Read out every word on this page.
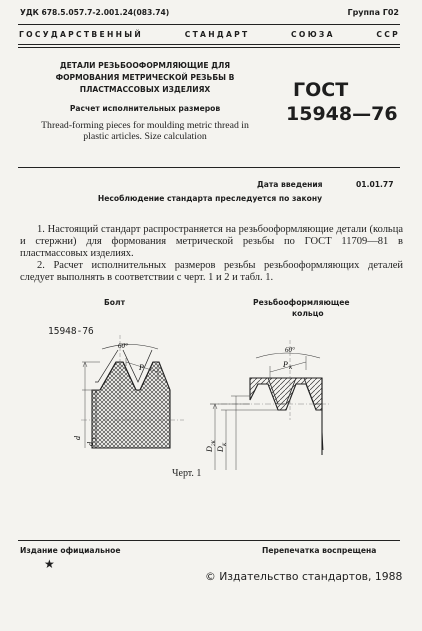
УДК 678.5.057.7-2.001.24(083.74)	Группа Г02
ГОСУДАРСТВЕННЫЙ СТАНДАРТ СОЮЗА ССР
ДЕТАЛИ РЕЗЬБООФОРМЛЯЮЩИЕ ДЛЯ ФОРМОВАНИЯ МЕТРИЧЕСКОЙ РЕЗЬБЫ В ПЛАСТМАССОВЫХ ИЗДЕЛИЯХ
Расчет исполнительных размеров
Thread-forming pieces for moulding metric thread in plastic articles. Size calculation
ГОСТ
15948—76
Дата введения	01.01.77
Несоблюдение стандарта преследуется по закону
1. Настоящий стандарт распространяется на резьбооформляющие детали (кольца и стержни) для формования метрической резьбы по ГОСТ 11709—81 в пластмассовых изделиях.
2. Расчет исполнительных размеров резьбы резьбооформляющих деталей следует выполнять в соответствии с черт. 1 и 2 и табл. 1.
Болт	Резьбооформляющее
кольцо
15948-76
60°	60°
P	P K
d
d
1
D
2K
D
K
Черт. 1
Издание официальное
★
Перепечатка воспрещена
© Издательство стандартов, 1988
